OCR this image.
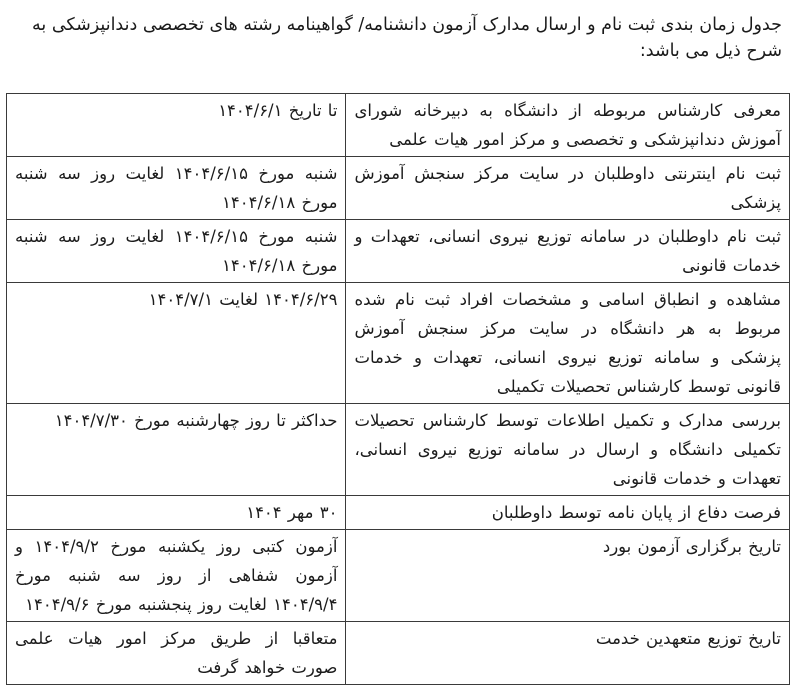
جدول زمان بندی ثبت نام و ارسال مدارک آزمون دانشنامه/ گواهینامه رشته های تخصصی دندانپزشکی به شرح ذیل می باشد:
معرفی کارشناس مربوطه از دانشگاه به دبیرخانه شورای آموزش دندانپزشکی و تخصصی و مرکز امور هیات علمی	تا تاریخ ۱۴۰۴/۶/۱
ثبت نام اینترنتی داوطلبان در سایت مرکز سنجش آموزش پزشکی	شنبه مورخ ۱۴۰۴/۶/۱۵ لغایت روز سه شنبه مورخ ۱۴۰۴/۶/۱۸
ثبت نام داوطلبان در سامانه توزیع نیروی انسانی، تعهدات و خدمات قانونی	شنبه مورخ ۱۴۰۴/۶/۱۵ لغایت روز سه شنبه مورخ ۱۴۰۴/۶/۱۸
مشاهده و انطباق اسامی و مشخصات افراد ثبت نام شده مربوط به هر دانشگاه در سایت مرکز سنجش آموزش پزشکی و سامانه توزیع نیروی انسانی، تعهدات و خدمات قانونی توسط کارشناس تحصیلات تکمیلی	۱۴۰۴/۶/۲۹ لغایت ۱۴۰۴/۷/۱
بررسی مدارک و تکمیل اطلاعات توسط کارشناس تحصیلات تکمیلی دانشگاه و ارسال در سامانه توزیع نیروی انسانی، تعهدات و خدمات قانونی	حداکثر تا روز چهارشنبه مورخ ۱۴۰۴/۷/۳۰
فرصت دفاع از پایان نامه توسط داوطلبان	۳۰ مهر ۱۴۰۴
تاریخ برگزاری آزمون بورد	آزمون کتبی روز یکشنبه مورخ ۱۴۰۴/۹/۲ و آزمون شفاهی از روز سه شنبه مورخ ۱۴۰۴/۹/۴ لغایت روز پنجشنبه مورخ ۱۴۰۴/۹/۶
تاریخ توزیع متعهدین خدمت	متعاقبا از طریق مرکز امور هیات علمی صورت خواهد گرفت
